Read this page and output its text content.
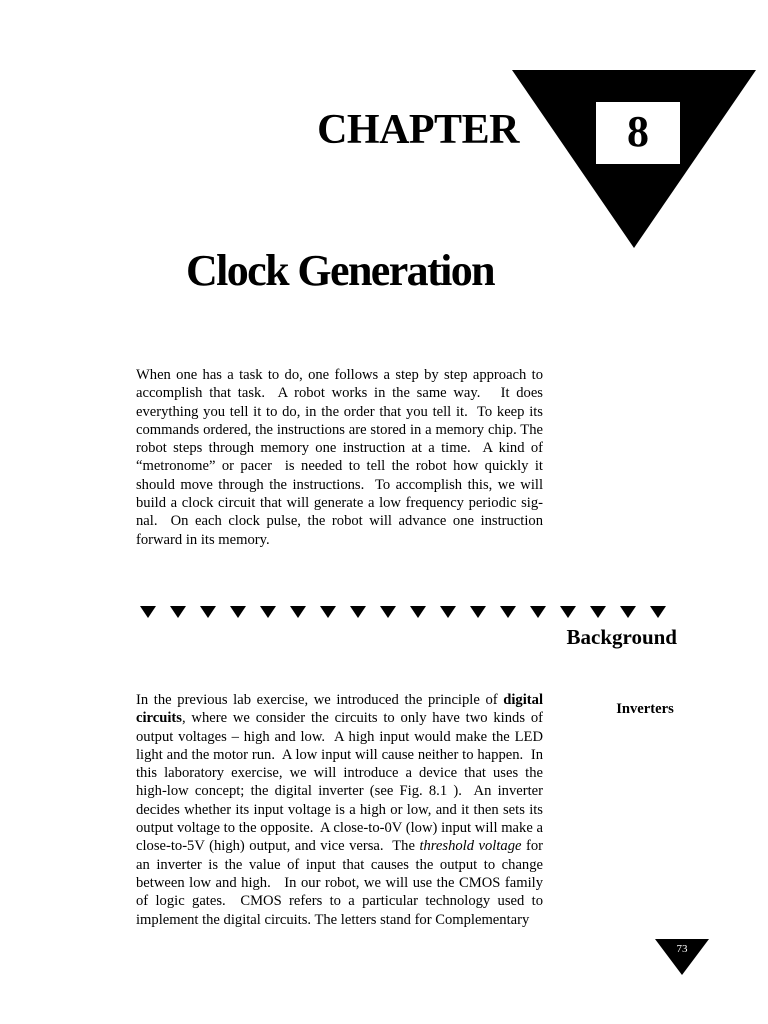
CHAPTER	8
Clock Generation

When one has a task to do, one follows a step by step approach to accomplish that task.  A robot works in the same way.   It does everything you tell it to do, in the order that you tell it.  To keep its commands ordered, the instructions are stored in a memory chip. The robot steps through memory one instruction at a time.  A kind of “metronome” or pacer  is needed to tell the robot how quickly it should move through the instructions.  To accomplish this, we will build a clock circuit that will generate a low frequency periodic signal.  On each clock pulse, the robot will advance one instruction forward in its memory.

Background
Inverters

In the previous lab exercise, we introduced the principle of digital circuits, where we consider the circuits to only have two kinds of output voltages – high and low.  A high input would make the LED light and the motor run.  A low input will cause neither to happen.  In this laboratory exercise, we will introduce a device that uses the high-low concept; the digital inverter (see Fig. 8.1 ).  An inverter decides whether its input voltage is a high or low, and it then sets its output voltage to the opposite.  A close-to-0V (low) input will make a close-to-5V (high) output, and vice versa.  The threshold voltage for an inverter is the value of input that causes the output to change between low and high.   In our robot, we will use the CMOS family of logic gates.  CMOS refers to a particular technology used to implement the digital circuits. The letters stand for Complementary

73
